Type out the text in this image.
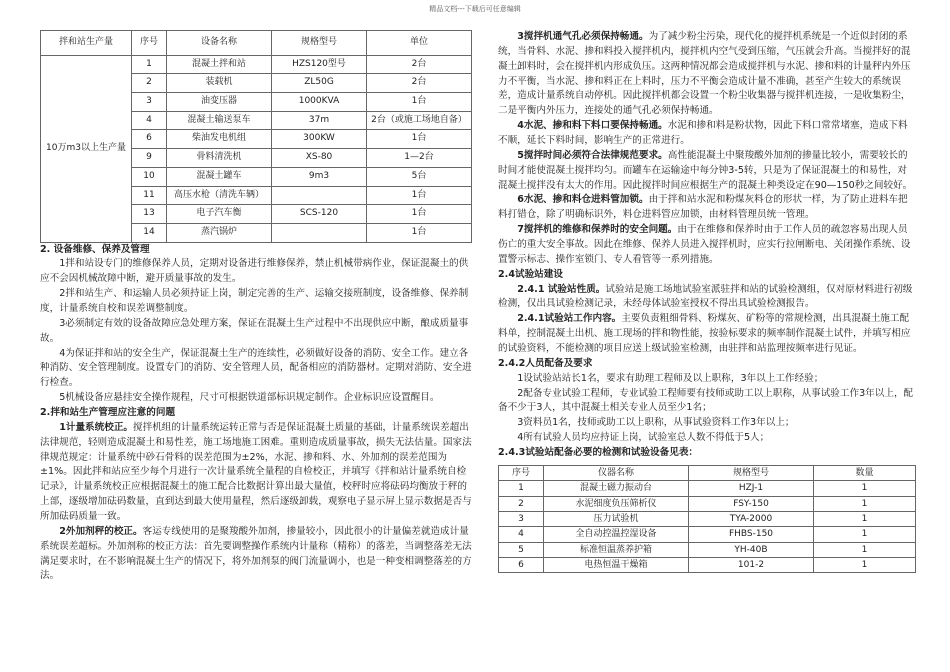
精品文档---下载后可任意编辑
拌和站生产量	序号	设备名称	规格型号	单位
10万m3以上生产量	1	混凝土拌和站	HZS120型号	2台
	2	装载机	ZL50G	2台
	3	油变压器	1000KVA	1台
	4	混凝土输送泵车	37m	2台（或施工场地自备）
	6	柴油发电机组	300KW	1台
	9	骨料清洗机	XS-80	1—2台
	10	混凝土罐车	9m3	5台
	11	高压水枪（清洗车辆）		1台
	13	电子汽车衡	SCS-120	1台
	14	蒸汽锅炉		1台

2. 设备维修、保养及管理

1拌和站设专门的维修保养人员，定期对设备进行维修保养，禁止机械带病作业，保证混凝土的供应不会因机械故障中断，避开质量事故的发生。

2拌和站生产、和运输人员必须持证上岗，制定完善的生产、运输交接班制度，设备维修、保养制度，计量系统自校和误差调整制度。

3必须制定有效的设备故障应急处理方案，保证在混凝土生产过程中不出现供应中断，酿成质量事故。

4为保证拌和站的安全生产，保证混凝土生产的连续性，必须做好设备的消防、安全工作。建立各种消防、安全管理制度。设置专门的消防、安全管理人员，配备相应的消防器材。定期对消防、安全进行检查。

5机械设备应悬挂安全操作规程，尺寸可根据铁道部标识规定制作。企业标识应设置醒目。

2.拌和站生产管理应注意的问题

1计量系统校正。搅拌机组的计量系统运转正常与否是保证混凝土质量的基础，计量系统误差超出法律规范，轻则造成混凝土和易性差，施工场地施工困难。重则造成质量事故，损失无法估量。国家法律规范规定：计量系统中砂石骨料的误差范围为±2%，水泥、掺和料、水、外加剂的误差范围为±1%。因此拌和站应至少每个月进行一次计量系统全量程的自检校正，并填写《拌和站计量系统自检记录》，计量系统校正应根据混凝土的施工配合比数据计算出最大量值，校秤时应将砝码均衡放于秤的上部，逐级增加砝码数量，直到达到最大使用量程，然后逐级卸载，观察电子显示屏上显示数据是否与所加砝码质量一致。

2外加剂秤的校正。客运专线使用的是聚羧酸外加剂，掺量较小，因此很小的计量偏差就造成计量系统误差超标。外加剂称的校正方法：首先要调整操作系统内计量称（精称）的落差，当调整落差无法满足要求时，在不影响混凝土生产的情况下，将外加剂泵的阀门流量调小，也是一种变相调整落差的方法。

3搅拌机通气孔必须保持畅通。为了减少粉尘污染，现代化的搅拌机系统是一个近似封闭的系统，当骨料、水泥、掺和料投入搅拌机内，搅拌机内空气受到压缩，气压就会升高。当搅拌好的混凝土卸料时，会在搅拌机内形成负压。这两种情况都会造成搅拌机与水泥、掺和料的计量秤内外压力不平衡，当水泥、掺和料正在上料时，压力不平衡会造成计量不准确，甚至产生较大的系统误差，造成计量系统自动停机。因此搅拌机都会设置一个粉尘收集器与搅拌机连接，一是收集粉尘，二是平衡内外压力，连接处的通气孔必须保持畅通。

4水泥、掺和料下料口要保持畅通。水泥和掺和料是粉状物，因此下料口常常堵塞，造成下料不顺，延长下料时间，影响生产的正常进行。

5搅拌时间必须符合法律规范要求。高性能混凝土中聚羧酸外加剂的掺量比较小，需要较长的时间才能使混凝土搅拌均匀。而罐车在运输途中每分钟3-5转，只是为了保证混凝土的和易性，对混凝土搅拌没有太大的作用。因此搅拌时间应根据生产的混凝土种类设定在90—150秒之间较好。

6水泥、掺和料仓进料管加锁。由于拌和站水泥和粉煤灰料仓的形状一样，为了防止进料车把料打错仓，除了明确标识外，料仓进料管应加锁，由材料管理员统一管理。

7搅拌机的维修和保养时的安全问题。由于在维修和保养时由于工作人员的疏忽容易出现人员伤亡的重大安全事故。因此在维修、保养人员进入搅拌机时，应实行拉闸断电、关闭操作系统、设置警示标志、操作室锁门、专人看管等一系列措施。

2.4试验站建设

2.4.1 试验站性质。试验站是施工场地试验室派驻拌和站的试验检测组，仅对原材料进行初级检测，仅出具试验检测记录，未经母体试验室授权不得出具试验检测报告。

2.4.1试验站工作内容。主要负责粗细骨料、粉煤灰、矿粉等的常规检测，出具混凝土施工配料单，控制混凝土出机、施工现场的拌和物性能，按验标要求的频率制作混凝土试件，并填写相应的试验资料，不能检测的项目应送上级试验室检测，由驻拌和站监理按频率进行见证。

2.4.2人员配备及要求

1设试验站站长1名，要求有助理工程师及以上职称，3年以上工作经验；

2配备专业试验工程师，专业试验工程师要有技师或助工以上职称，从事试验工作3年以上，配备不少于3人，其中混凝土相关专业人员至少1名；

3资料员1名，技师或助工以上职称，从事试验资料工作3年以上；

4所有试验人员均应持证上岗，试验室总人数不得低于5人；

2.4.3试验站配备必要的检测和试验设备见表：

序号	仪器名称	规格型号	数量
1	混凝土磁力振动台	HZJ-1	1
2	水泥细度负压筛析仪	FSY-150	1
3	压力试验机	TYA-2000	1
4	全自动控温控湿设备	FHBS-150	1
5	标准恒温蒸养护箱	YH-40B	1
6	电热恒温干燥箱	101-2	1
